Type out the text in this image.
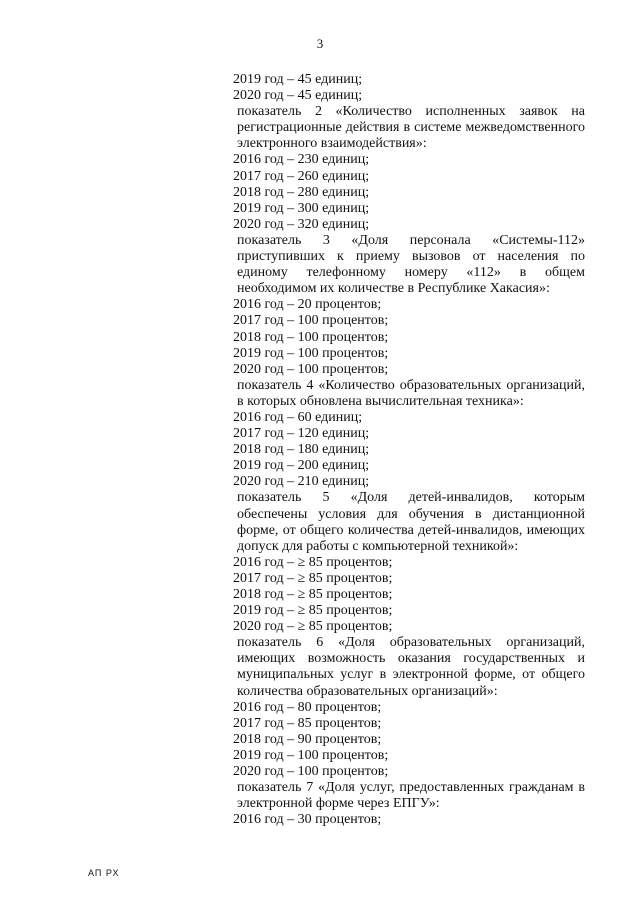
3
2019 год – 45 единиц;
2020 год – 45 единиц;
показатель 2 «Количество исполненных заявок на регистрационные действия в системе межведомственного электронного взаимодействия»:
2016 год – 230 единиц;
2017 год – 260 единиц;
2018 год – 280 единиц;
2019 год – 300 единиц;
2020 год – 320 единиц;
показатель 3 «Доля персонала «Системы-112» приступивших к приему вызовов от населения по единому телефонному номеру «112» в общем необходимом их количестве в Республике Хакасия»:
2016 год – 20 процентов;
2017 год – 100 процентов;
2018 год – 100 процентов;
2019 год – 100 процентов;
2020 год – 100 процентов;
показатель 4 «Количество образовательных организаций, в которых обновлена вычислительная техника»:
2016 год – 60 единиц;
2017 год – 120 единиц;
2018 год – 180 единиц;
2019 год – 200 единиц;
2020 год – 210 единиц;
показатель 5 «Доля детей-инвалидов, которым обеспечены условия для обучения в дистанционной форме, от общего количества детей-инвалидов, имеющих допуск для работы с компьютерной техникой»:
2016 год – ≥ 85 процентов;
2017 год – ≥ 85 процентов;
2018 год – ≥ 85 процентов;
2019 год – ≥ 85 процентов;
2020 год – ≥ 85 процентов;
показатель 6 «Доля образовательных организаций, имеющих возможность оказания государственных и муниципальных услуг в электронной форме, от общего количества образовательных организаций»:
2016 год – 80 процентов;
2017 год – 85 процентов;
2018 год – 90 процентов;
2019 год – 100 процентов;
2020 год – 100 процентов;
показатель 7 «Доля услуг, предоставленных гражданам в электронной форме через ЕПГУ»:
2016 год – 30 процентов;
АП РХ
